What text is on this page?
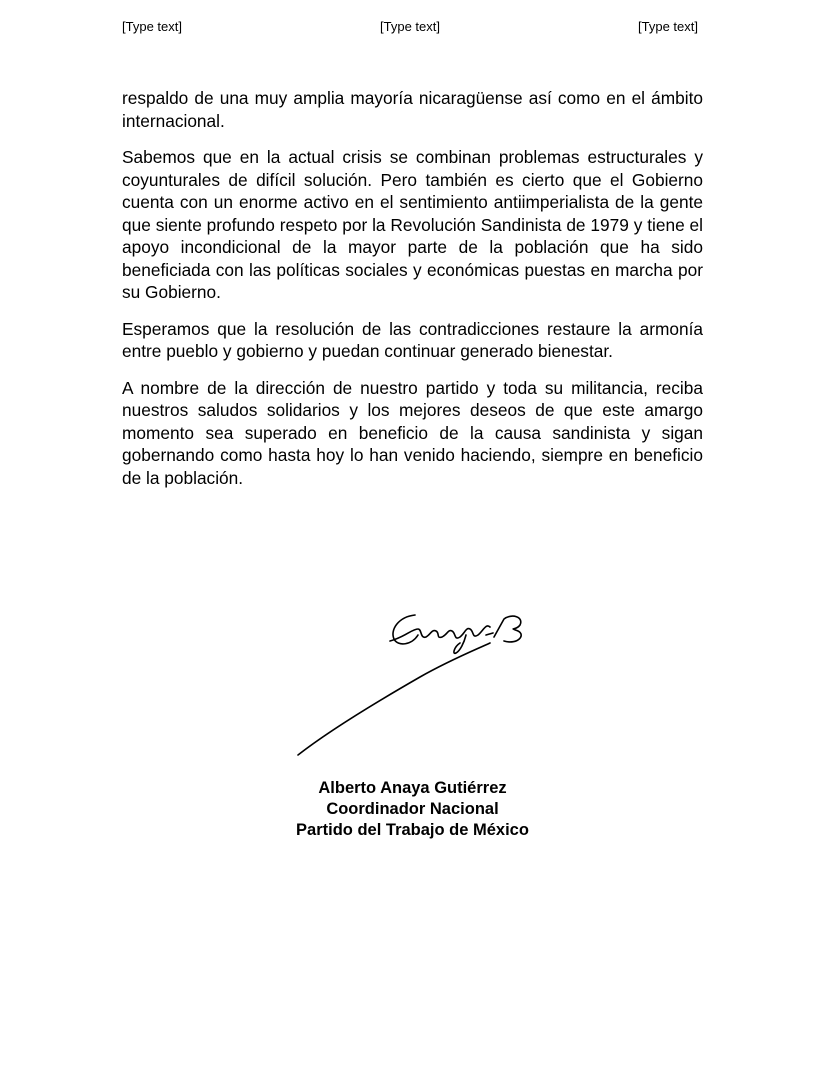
[Type text]	[Type text]	[Type text]

respaldo de una muy amplia mayoría nicaragüense así como en el ámbito internacional.

Sabemos que en la actual crisis se combinan problemas estructurales y coyunturales de difícil solución. Pero también es cierto que el Gobierno cuenta con un enorme activo en el sentimiento antiimperialista de la gente que siente profundo respeto por la Revolución Sandinista de 1979 y tiene el apoyo incondicional de la mayor parte de la población que ha sido beneficiada con las políticas sociales y económicas puestas en marcha por su Gobierno.

Esperamos que la resolución de las contradicciones restaure la armonía entre pueblo y gobierno y puedan continuar generado bienestar.

A nombre de la dirección de nuestro partido y toda su militancia, reciba nuestros saludos solidarios y los mejores deseos de que este amargo momento sea superado en beneficio de la causa sandinista y sigan gobernando como hasta hoy lo han venido haciendo, siempre en beneficio de la población.

Alberto Anaya Gutiérrez
Coordinador Nacional
Partido del Trabajo de México
